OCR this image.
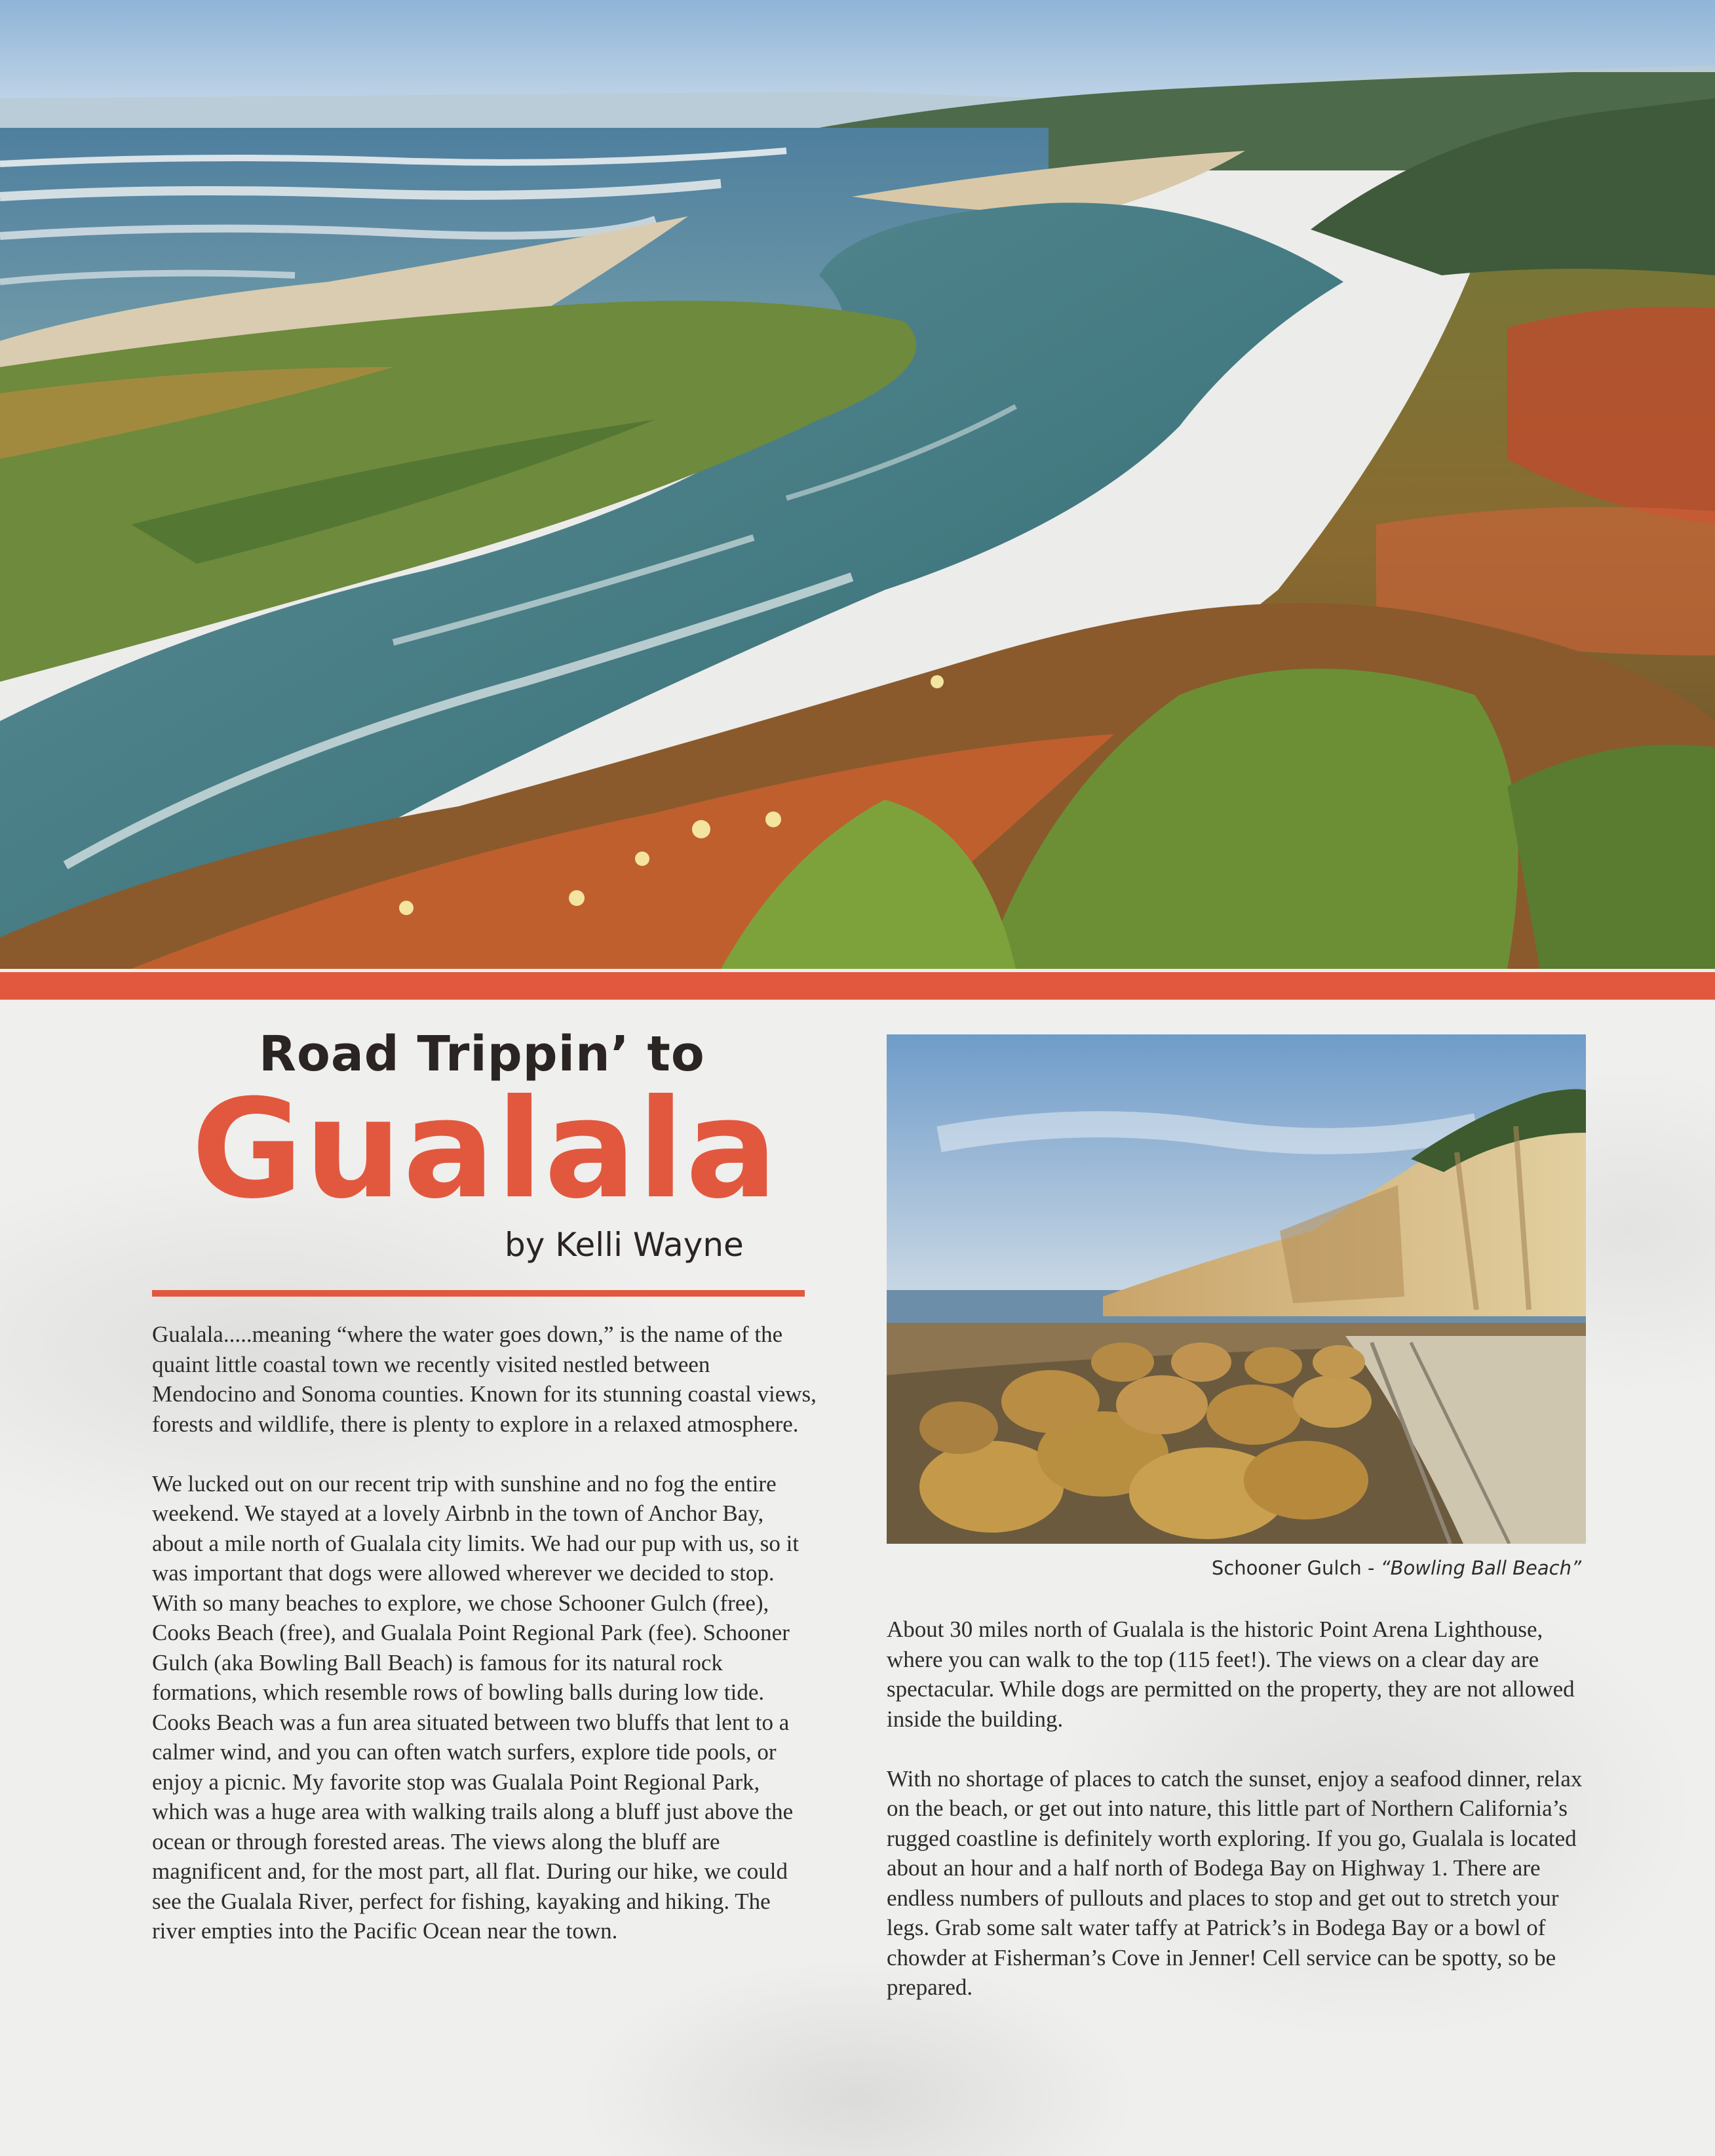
Road Trippin’ to
Gualala
by Kelli Wayne

Gualala.....meaning “where the water goes down,” is the name of the quaint little coastal town we recently visited nestled between Mendocino and Sonoma counties. Known for its stunning coastal views, forests and wildlife, there is plenty to explore in a relaxed atmosphere.

We lucked out on our recent trip with sunshine and no fog the entire weekend. We stayed at a lovely Airbnb in the town of Anchor Bay, about a mile north of Gualala city limits. We had our pup with us, so it was important that dogs were allowed wherever we decided to stop. With so many beaches to explore, we chose Schooner Gulch (free), Cooks Beach (free), and Gualala Point Regional Park (fee). Schooner Gulch (aka Bowling Ball Beach) is famous for its natural rock formations, which resemble rows of bowling balls during low tide. Cooks Beach was a fun area situated between two bluffs that lent to a calmer wind, and you can often watch surfers, explore tide pools, or enjoy a picnic. My favorite stop was Gualala Point Regional Park, which was a huge area with walking trails along a bluff just above the ocean or through forested areas. The views along the bluff are magnificent and, for the most part, all flat. During our hike, we could see the Gualala River, perfect for fishing, kayaking and hiking. The river empties into the Pacific Ocean near the town.

Schooner Gulch - “Bowling Ball Beach”

About 30 miles north of Gualala is the historic Point Arena Lighthouse, where you can walk to the top (115 feet!). The views on a clear day are spectacular. While dogs are permitted on the property, they are not allowed inside the building.

With no shortage of places to catch the sunset, enjoy a seafood dinner, relax on the beach, or get out into nature, this little part of Northern California’s rugged coastline is definitely worth exploring. If you go, Gualala is located about an hour and a half north of Bodega Bay on Highway 1. There are endless numbers of pullouts and places to stop and get out to stretch your legs. Grab some salt water taffy at Patrick’s in Bodega Bay or a bowl of chowder at Fisherman’s Cove in Jenner! Cell service can be spotty, so be prepared.
